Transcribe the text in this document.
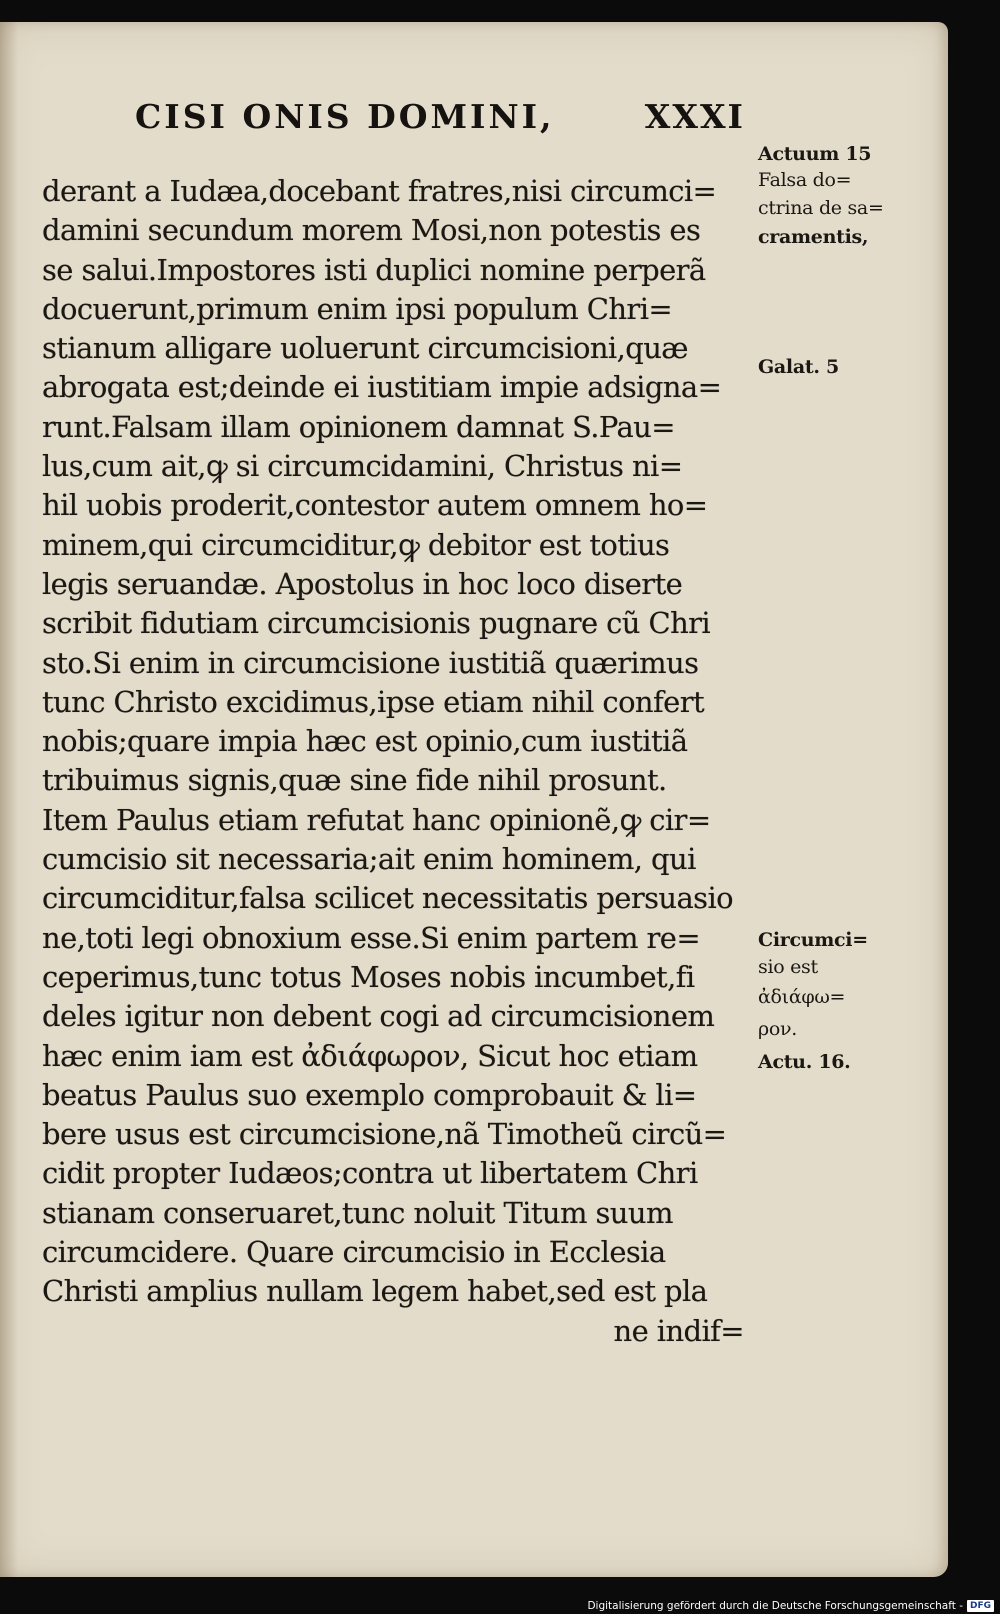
CISI ONIS DOMINI,	XXXI
derant a Iudæa,docebant fratres,nisi circumci=
damini secundum morem Mosi,non potestis es
se salui.Impostores isti duplici nomine perperã
docuerunt,primum enim ipsi populum Chri=
stianum alligare uoluerunt circumcisioni,quæ
abrogata est;deinde ei iustitiam impie adsigna=
runt.Falsam illam opinionem damnat S.Pau=
lus,cum ait,ꝙ si circumcidamini, Christus ni=
hil uobis proderit,contestor autem omnem ho=
minem,qui circumciditur,ꝙ debitor est totius
legis seruandæ. Apostolus in hoc loco diserte
scribit fidutiam circumcisionis pugnare cũ Chri
sto.Si enim in circumcisione iustitiã quærimus
tunc Christo excidimus,ipse etiam nihil confert
nobis;quare impia hæc est opinio,cum iustitiã
tribuimus signis,quæ sine fide nihil prosunt.
Item Paulus etiam refutat hanc opinionẽ,ꝙ cir=
cumcisio sit necessaria;ait enim hominem, qui
circumciditur,falsa scilicet necessitatis persuasio
ne,toti legi obnoxium esse.Si enim partem re=
ceperimus,tunc totus Moses nobis incumbet,fi
deles igitur non debent cogi ad circumcisionem
hæc enim iam est ἀδιάφωρον, Sicut hoc etiam
beatus Paulus suo exemplo comprobauit & li=
bere usus est circumcisione,nã Timotheũ circũ=
cidit propter Iudæos;contra ut libertatem Chri
stianam conseruaret,tunc noluit Titum suum
circumcidere. Quare circumcisio in Ecclesia
Christi amplius nullam legem habet,sed est pla
ne indif=
Actuum 15
Falsa do=
ctrina de sa=
cramentis,
Galat. 5
Circumci=
sio est
ἀδιάφω=
ρον.
Actu. 16.
Digitalisierung gefördert durch die Deutsche Forschungsgemeinschaft - DFG
